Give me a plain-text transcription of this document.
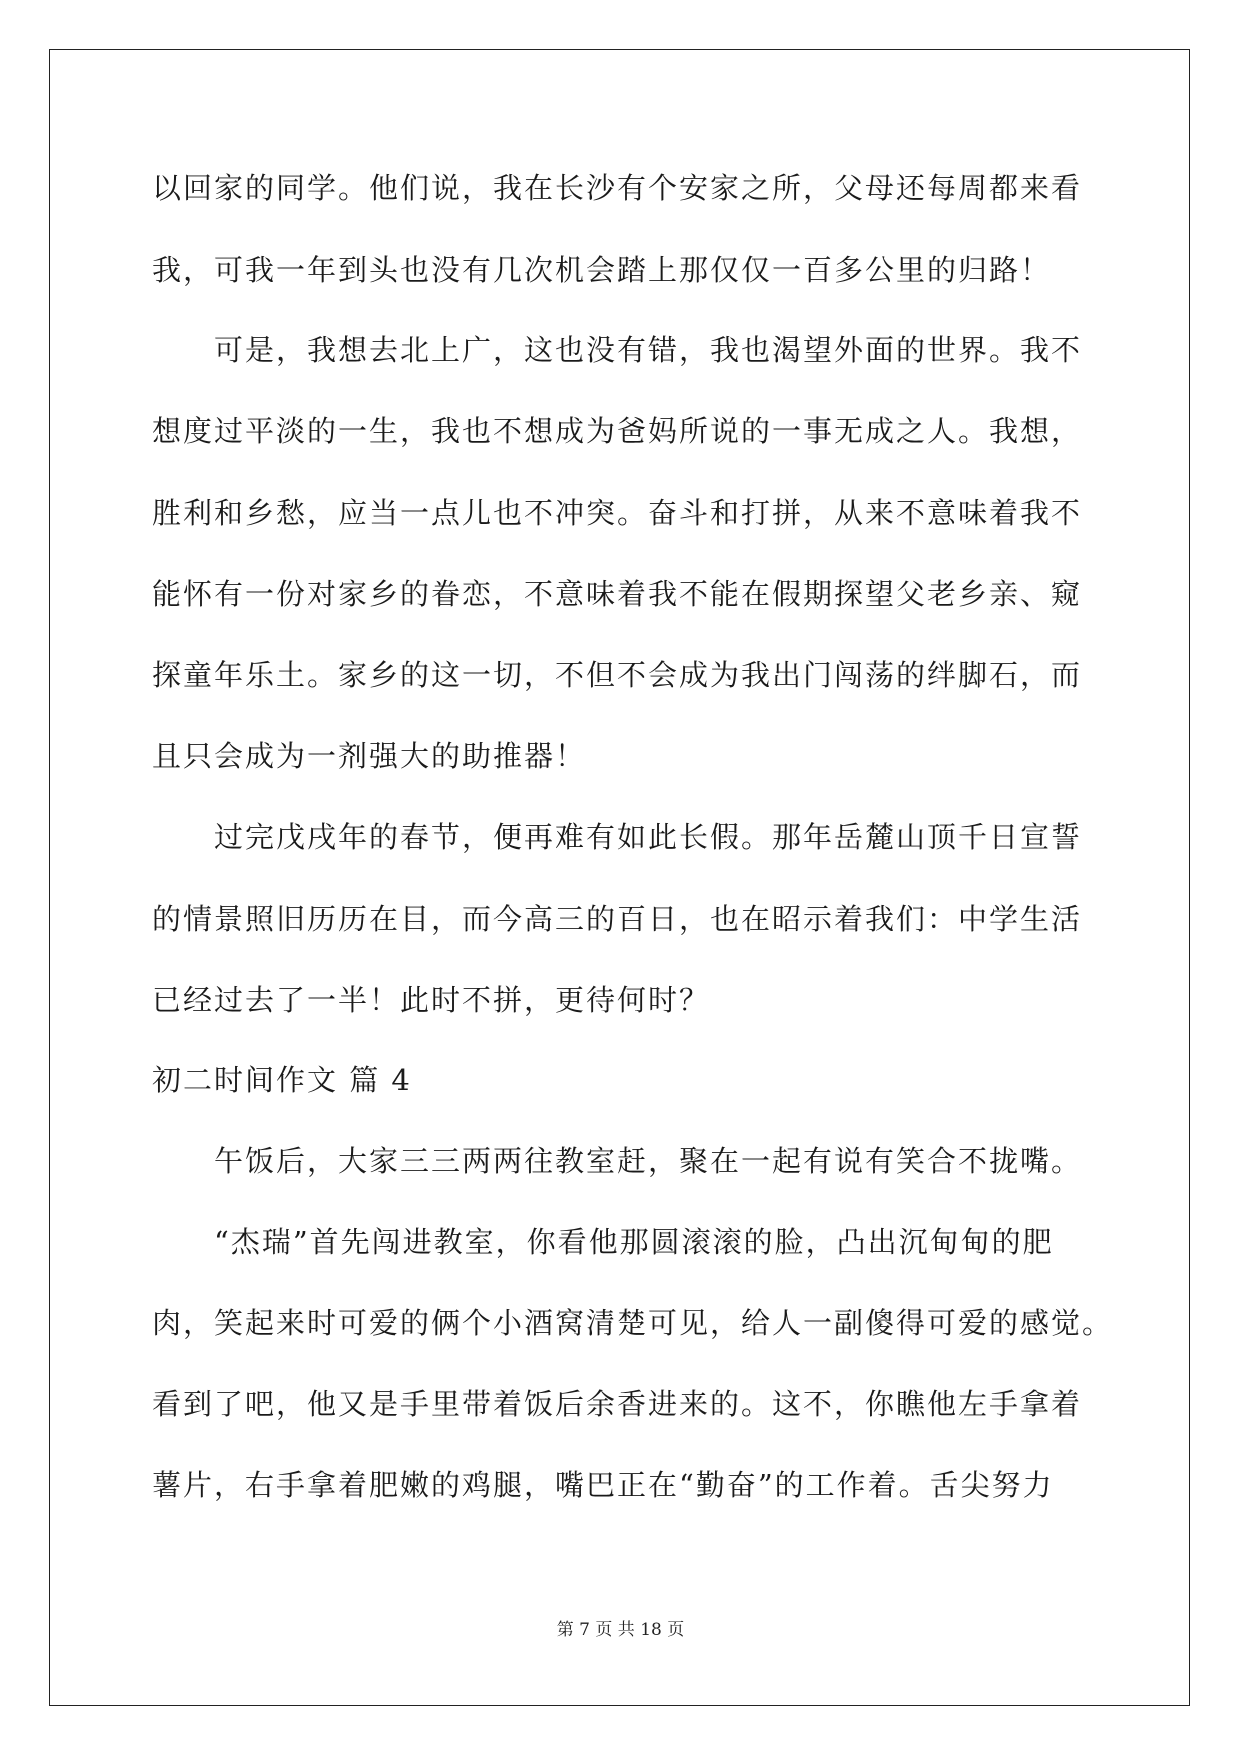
以回家的同学。他们说，我在长沙有个安家之所，父母还每周都来看
我，可我一年到头也没有几次机会踏上那仅仅一百多公里的归路！
可是，我想去北上广，这也没有错，我也渴望外面的世界。我不
想度过平淡的一生，我也不想成为爸妈所说的一事无成之人。我想，
胜利和乡愁，应当一点儿也不冲突。奋斗和打拼，从来不意味着我不
能怀有一份对家乡的眷恋，不意味着我不能在假期探望父老乡亲、窥
探童年乐土。家乡的这一切，不但不会成为我出门闯荡的绊脚石，而
且只会成为一剂强大的助推器！
过完戊戌年的春节，便再难有如此长假。那年岳麓山顶千日宣誓
的情景照旧历历在目，而今高三的百日，也在昭示着我们：中学生活
已经过去了一半！此时不拼，更待何时？
初二时间作文 篇 4
午饭后，大家三三两两往教室赶，聚在一起有说有笑合不拢嘴。
“杰瑞”首先闯进教室，你看他那圆滚滚的脸，凸出沉甸甸的肥
肉，笑起来时可爱的俩个小酒窝清楚可见，给人一副傻得可爱的感觉。
看到了吧，他又是手里带着饭后余香进来的。这不，你瞧他左手拿着
薯片，右手拿着肥嫩的鸡腿，嘴巴正在“勤奋”的工作着。舌尖努力
第 7 页 共 18 页
